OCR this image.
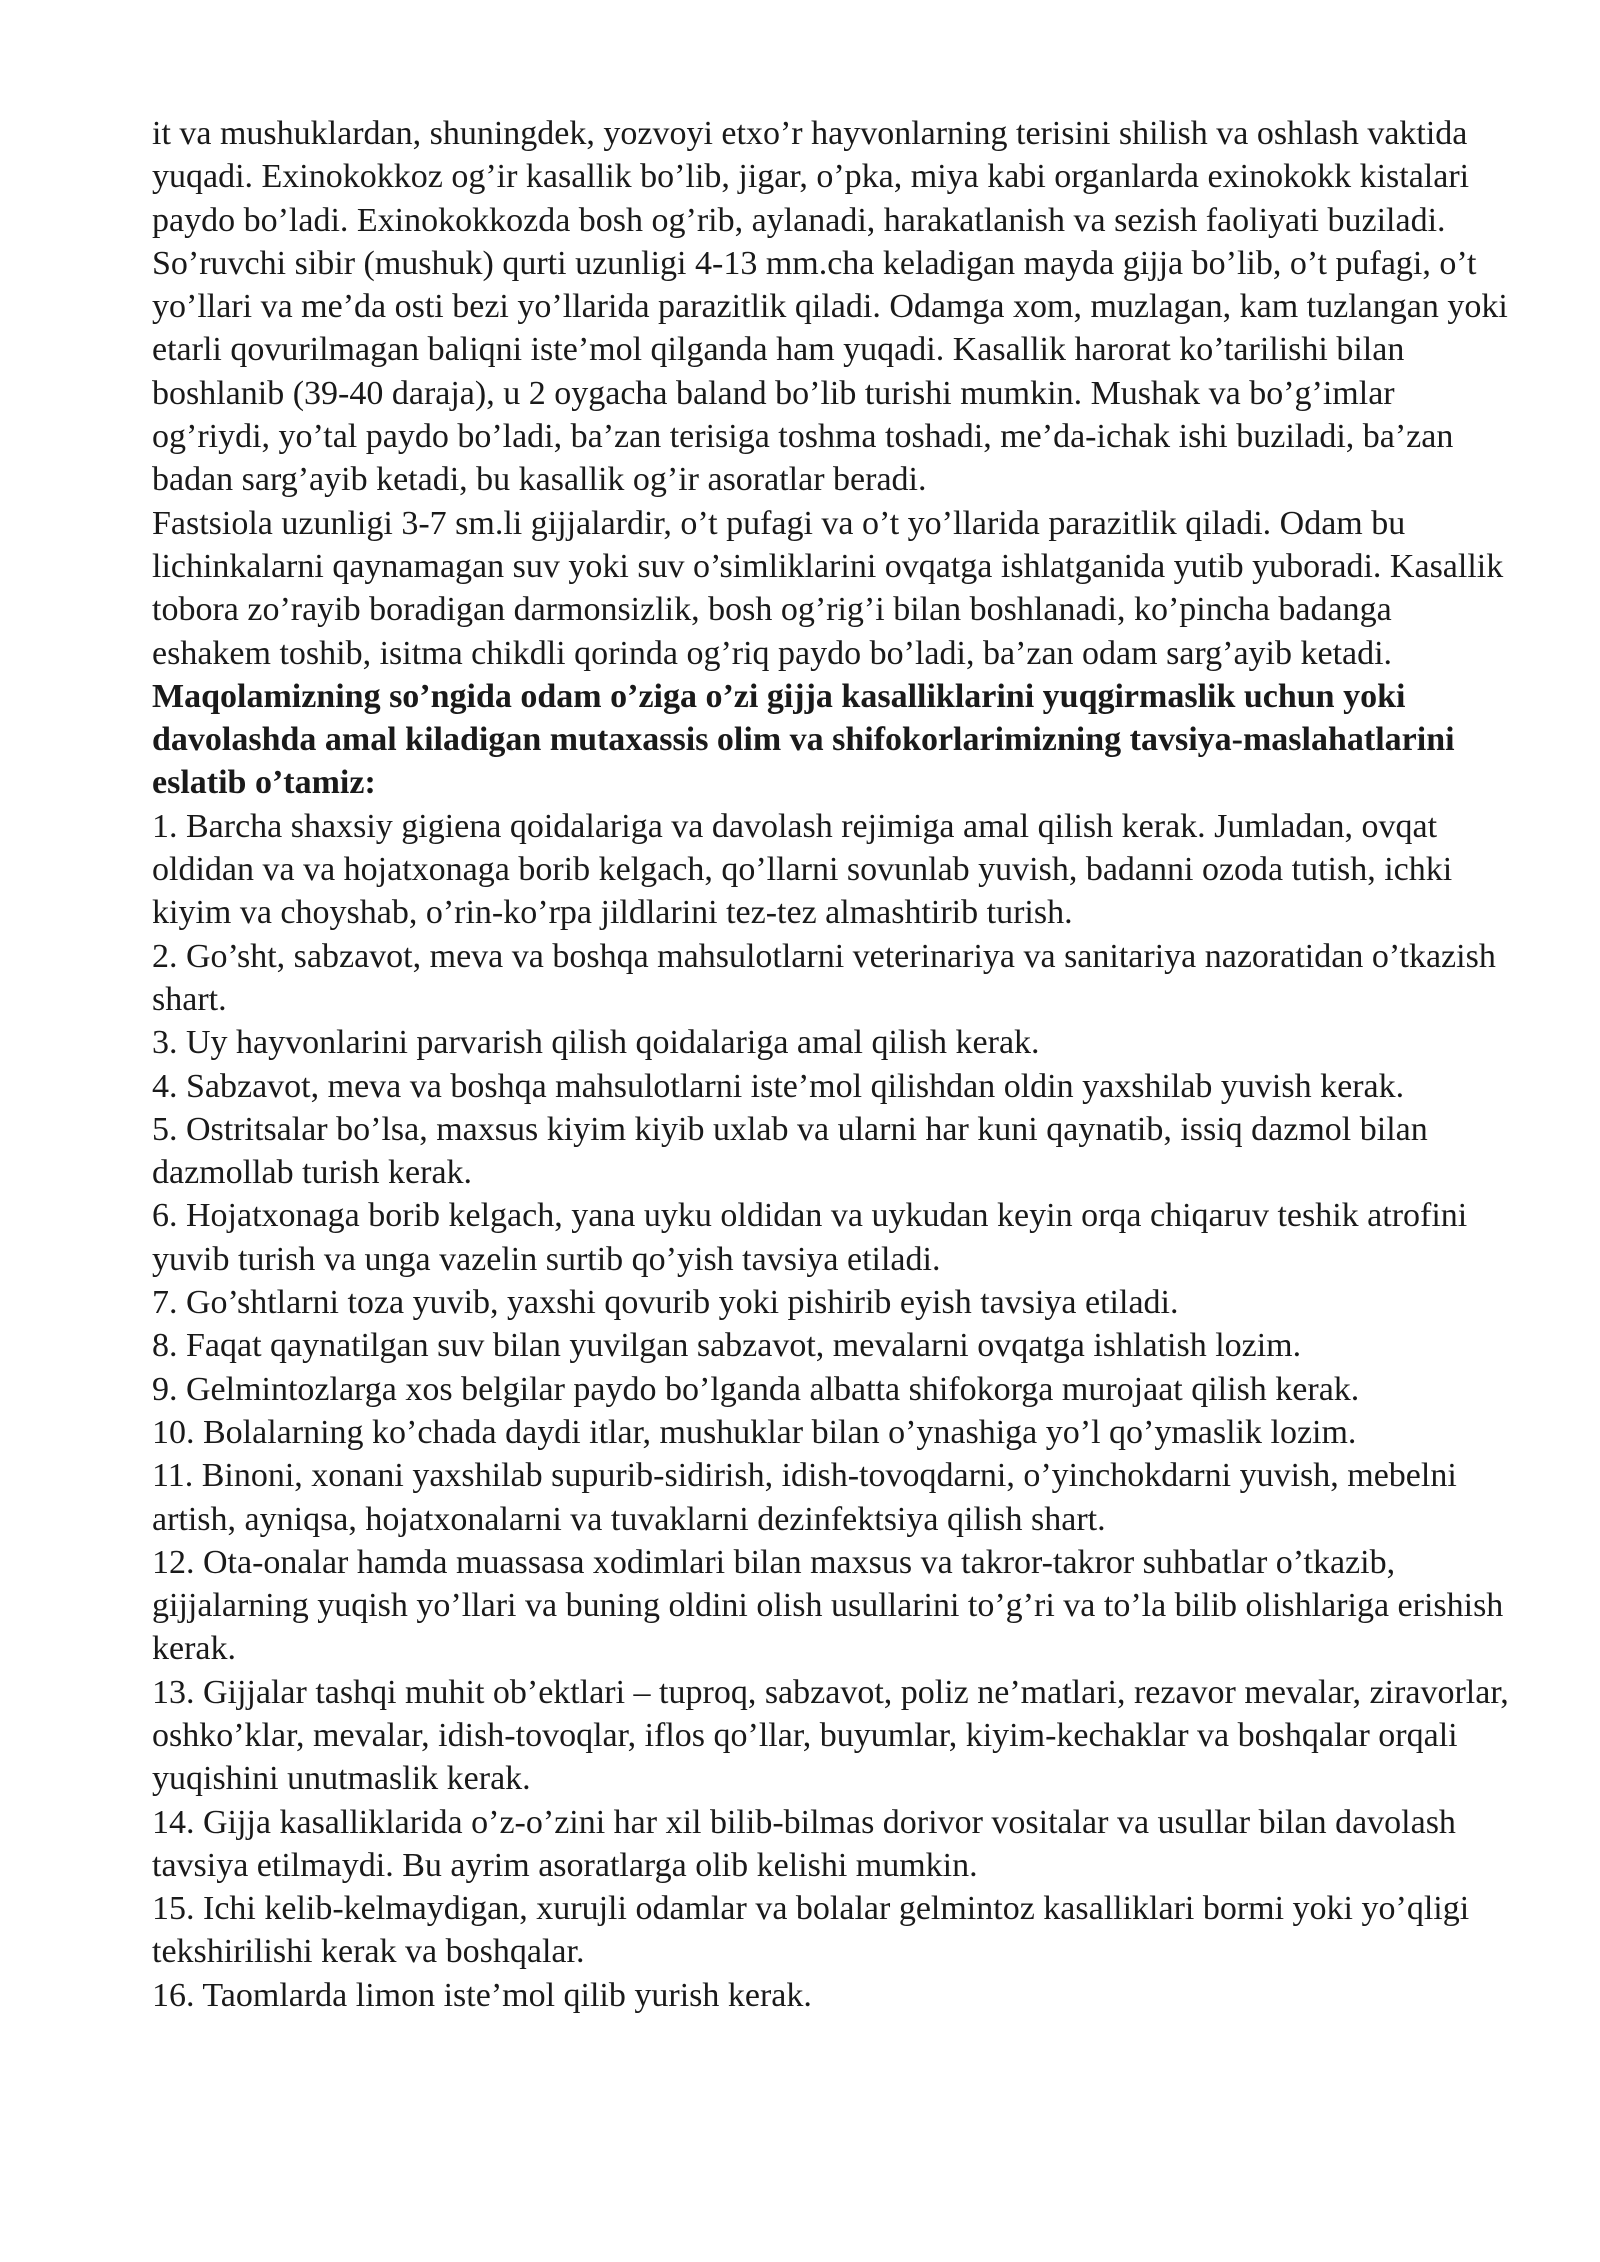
it va mushuklardan, shuningdek, yozvoyi etxo’r hayvonlarning terisini shilish va oshlash vaktida yuqadi. Exinokokkoz og’ir kasallik bo’lib, jigar, o’pka, miya kabi organlarda exinokokk kistalari paydo bo’ladi. Exinokokkozda bosh og’rib, aylanadi, harakatlanish va sezish faoliyati buziladi.

So’ruvchi sibir (mushuk) qurti uzunligi 4-13 mm.cha keladigan mayda gijja bo’lib, o’t pufagi, o’t yo’llari va me’da osti bezi yo’llarida parazitlik qiladi. Odamga xom, muzlagan, kam tuzlangan yoki etarli qovurilmagan baliqni iste’mol qilganda ham yuqadi. Kasallik harorat ko’tarilishi bilan boshlanib (39-40 daraja), u 2 oygacha baland bo’lib turishi mumkin. Mushak va bo’g’imlar og’riydi, yo’tal paydo bo’ladi, ba’zan terisiga toshma toshadi, me’da-ichak ishi buziladi, ba’zan badan sarg’ayib ketadi, bu kasallik og’ir asoratlar beradi.

Fastsiola uzunligi 3-7 sm.li gijjalardir, o’t pufagi va o’t yo’llarida parazitlik qiladi. Odam bu lichinkalarni qaynamagan suv yoki suv o’simliklarini ovqatga ishlatganida yutib yuboradi. Kasallik tobora zo’rayib boradigan darmonsizlik, bosh og’rig’i bilan boshlanadi, ko’pincha badanga eshakem toshib, isitma chikdli qorinda og’riq paydo bo’ladi, ba’zan odam sarg’ayib ketadi.

Maqolamizning so’ngida odam o’ziga o’zi gijja kasalliklarini yuqgirmaslik uchun yoki davolashda amal kiladigan mutaxassis olim va shifokorlarimizning tavsiya-maslahatlarini eslatib o’tamiz:

1. Barcha shaxsiy gigiena qoidalariga va davolash rejimiga amal qilish kerak. Jumladan, ovqat oldidan va va hojatxonaga borib kelgach, qo’llarni sovunlab yuvish, badanni ozoda tutish, ichki kiyim va choyshab, o’rin-ko’rpa jildlarini tez-tez almashtirib turish.

2. Go’sht, sabzavot, meva va boshqa mahsulotlarni veterinariya va sanitariya nazoratidan o’tkazish shart.

3. Uy hayvonlarini parvarish qilish qoidalariga amal qilish kerak.

4. Sabzavot, meva va boshqa mahsulotlarni iste’mol qilishdan oldin yaxshilab yuvish kerak.

5. Ostritsalar bo’lsa, maxsus kiyim kiyib uxlab va ularni har kuni qaynatib, issiq dazmol bilan dazmollab turish kerak.

6. Hojatxonaga borib kelgach, yana uyku oldidan va uykudan keyin orqa chiqaruv teshik atrofini yuvib turish va unga vazelin surtib qo’yish tavsiya etiladi.

7. Go’shtlarni toza yuvib, yaxshi qovurib yoki pishirib eyish tavsiya etiladi.

8. Faqat qaynatilgan suv bilan yuvilgan sabzavot, mevalarni ovqatga ishlatish lozim.

9. Gelmintozlarga xos belgilar paydo bo’lganda albatta shifokorga murojaat qilish kerak.

10. Bolalarning ko’chada daydi itlar, mushuklar bilan o’ynashiga yo’l qo’ymaslik lozim.

11. Binoni, xonani yaxshilab supurib-sidirish, idish-tovoqdarni, o’yinchokdarni yuvish, mebelni artish, ayniqsa, hojatxonalarni va tuvaklarni dezinfektsiya qilish shart.

12. Ota-onalar hamda muassasa xodimlari bilan maxsus va takror-takror suhbatlar o’tkazib, gijjalarning yuqish yo’llari va buning oldini olish usullarini to’g’ri va to’la bilib olishlariga erishish kerak.

13. Gijjalar tashqi muhit ob’ektlari – tuproq, sabzavot, poliz ne’matlari, rezavor mevalar, ziravorlar, oshko’klar, mevalar, idish-tovoqlar, iflos qo’llar, buyumlar, kiyim-kechaklar va boshqalar orqali yuqishini unutmaslik kerak.

14. Gijja kasalliklarida o’z-o’zini har xil bilib-bilmas dorivor vositalar va usullar bilan davolash tavsiya etilmaydi. Bu ayrim asoratlarga olib kelishi mumkin.

15. Ichi kelib-kelmaydigan, xurujli odamlar va bolalar gelmintoz kasalliklari bormi yoki yo’qligi tekshirilishi kerak va boshqalar.

16. Taomlarda limon iste’mol qilib yurish kerak.
